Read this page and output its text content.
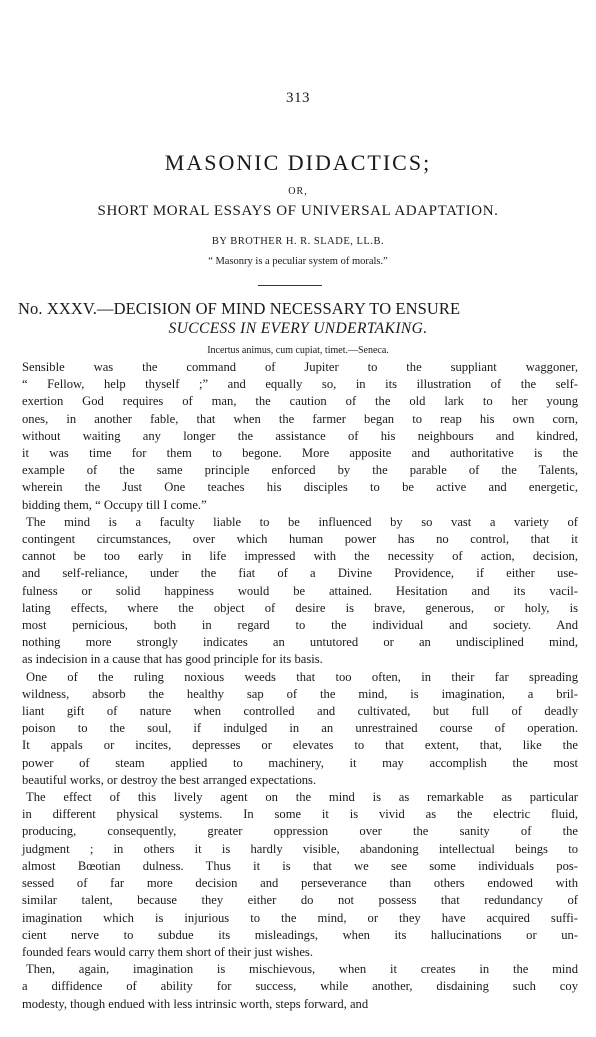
313
MASONIC DIDACTICS;
OR,
SHORT MORAL ESSAYS OF UNIVERSAL ADAPTATION.
BY BROTHER H. R. SLADE, LL.B.
“ Masonry is a peculiar system of morals.”
No. XXXV.—DECISION OF MIND NECESSARY TO ENSURE
SUCCESS IN EVERY UNDERTAKING.
Incertus animus, cum cupiat, timet.—Seneca.
Sensible was the command of Jupiter to the suppliant waggoner,
“ Fellow, help thyself ;” and equally so, in its illustration of the self-
exertion God requires of man, the caution of the old lark to her young
ones, in another fable, that when the farmer began to reap his own corn,
without waiting any longer the assistance of his neighbours and kindred,
it was time for them to begone. More apposite and authoritative is the
example of the same principle enforced by the parable of the Talents,
wherein the Just One teaches his disciples to be active and energetic,
bidding them, “ Occupy till I come.”
The mind is a faculty liable to be influenced by so vast a variety of
contingent circumstances, over which human power has no control, that it
cannot be too early in life impressed with the necessity of action, decision,
and self-reliance, under the fiat of a Divine Providence, if either use-
fulness or solid happiness would be attained. Hesitation and its vacil-
lating effects, where the object of desire is brave, generous, or holy, is
most pernicious, both in regard to the individual and society. And
nothing more strongly indicates an untutored or an undisciplined mind,
as indecision in a cause that has good principle for its basis.
One of the ruling noxious weeds that too often, in their far spreading
wildness, absorb the healthy sap of the mind, is imagination, a bril-
liant gift of nature when controlled and cultivated, but full of deadly
poison to the soul, if indulged in an unrestrained course of operation.
It appals or incites, depresses or elevates to that extent, that, like the
power of steam applied to machinery, it may accomplish the most
beautiful works, or destroy the best arranged expectations.
The effect of this lively agent on the mind is as remarkable as particular
in different physical systems. In some it is vivid as the electric fluid,
producing, consequently, greater oppression over the sanity of the
judgment ; in others it is hardly visible, abandoning intellectual beings to
almost Bœotian dulness. Thus it is that we see some individuals pos-
sessed of far more decision and perseverance than others endowed with
similar talent, because they either do not possess that redundancy of
imagination which is injurious to the mind, or they have acquired suffi-
cient nerve to subdue its misleadings, when its hallucinations or un-
founded fears would carry them short of their just wishes.
Then, again, imagination is mischievous, when it creates in the mind
a diffidence of ability for success, while another, disdaining such coy
modesty, though endued with less intrinsic worth, steps forward, and
